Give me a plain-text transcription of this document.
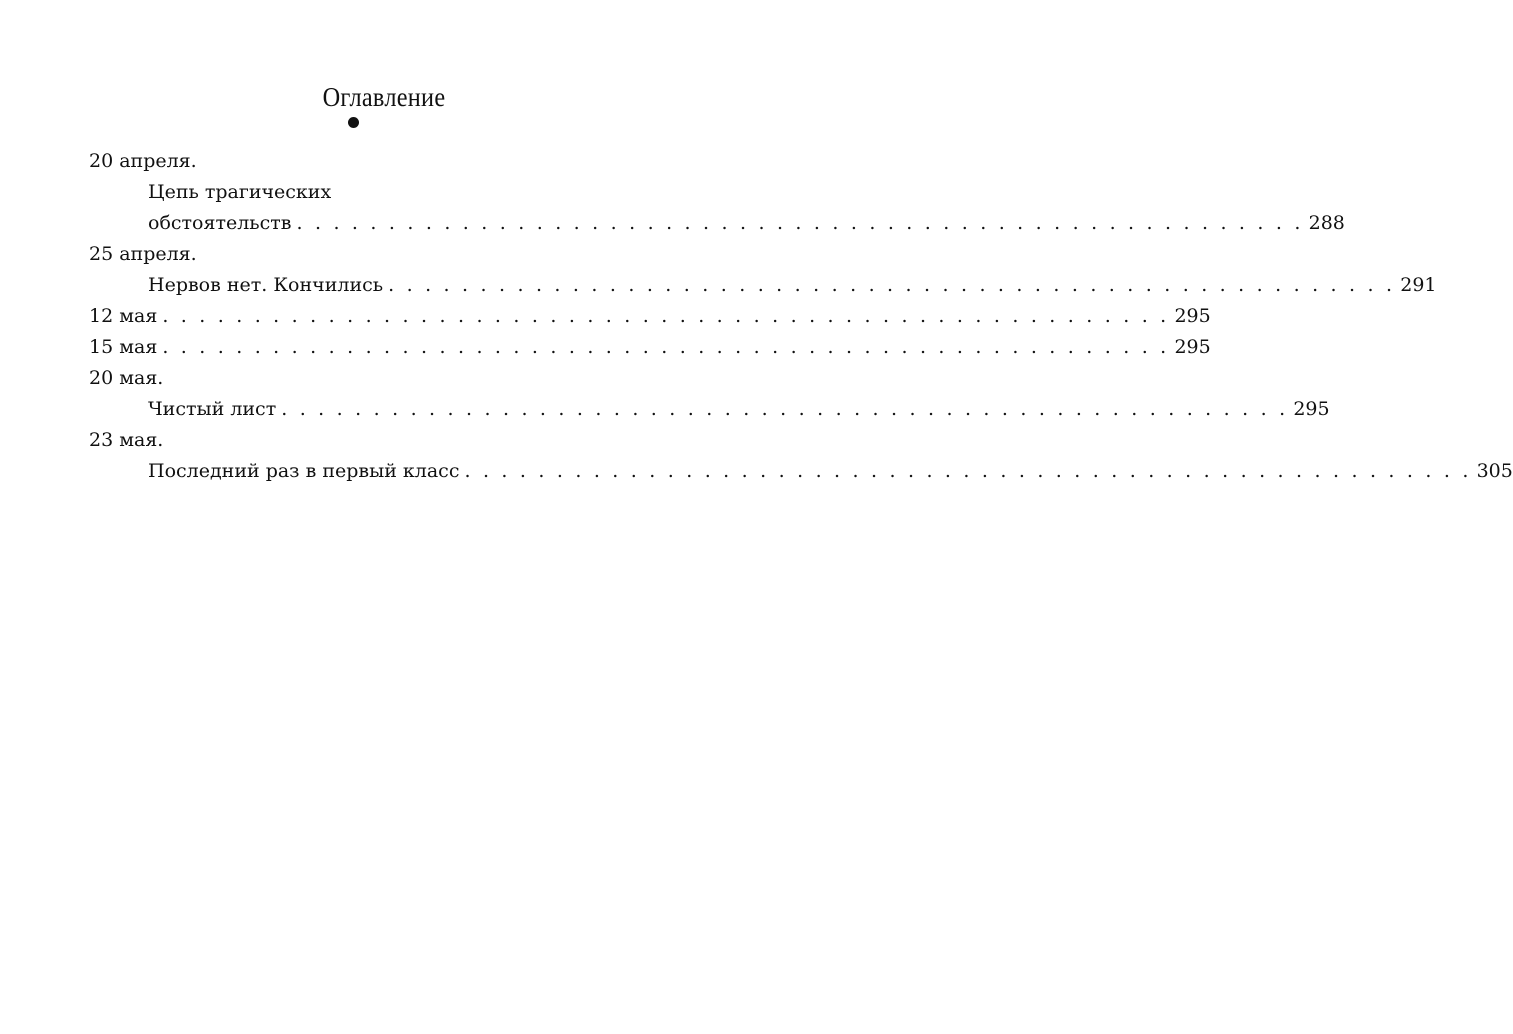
Оглавление
20 апреля.
Цепь трагических
обстоятельств . . . . . . . . . . . . . . . . . . . . . . . . . . . . . . . . . . . . . . . . . . . . . . . . . . . . . . . 288
25 апреля.
Нервов нет. Кончились . . . . . . . . . . . . . . . . . . . . . . . . . . . . . . . . . . . . . . . . . . . . . . . . . . . . . . . 291
12 мая . . . . . . . . . . . . . . . . . . . . . . . . . . . . . . . . . . . . . . . . . . . . . . . . . . . . . . . 295
15 мая . . . . . . . . . . . . . . . . . . . . . . . . . . . . . . . . . . . . . . . . . . . . . . . . . . . . . . . 295
20 мая.
Чистый лист . . . . . . . . . . . . . . . . . . . . . . . . . . . . . . . . . . . . . . . . . . . . . . . . . . . . . . . 295
23 мая.
Последний раз в первый класс . . . . . . . . . . . . . . . . . . . . . . . . . . . . . . . . . . . . . . . . . . . . . . . . . . . . . . . 305
